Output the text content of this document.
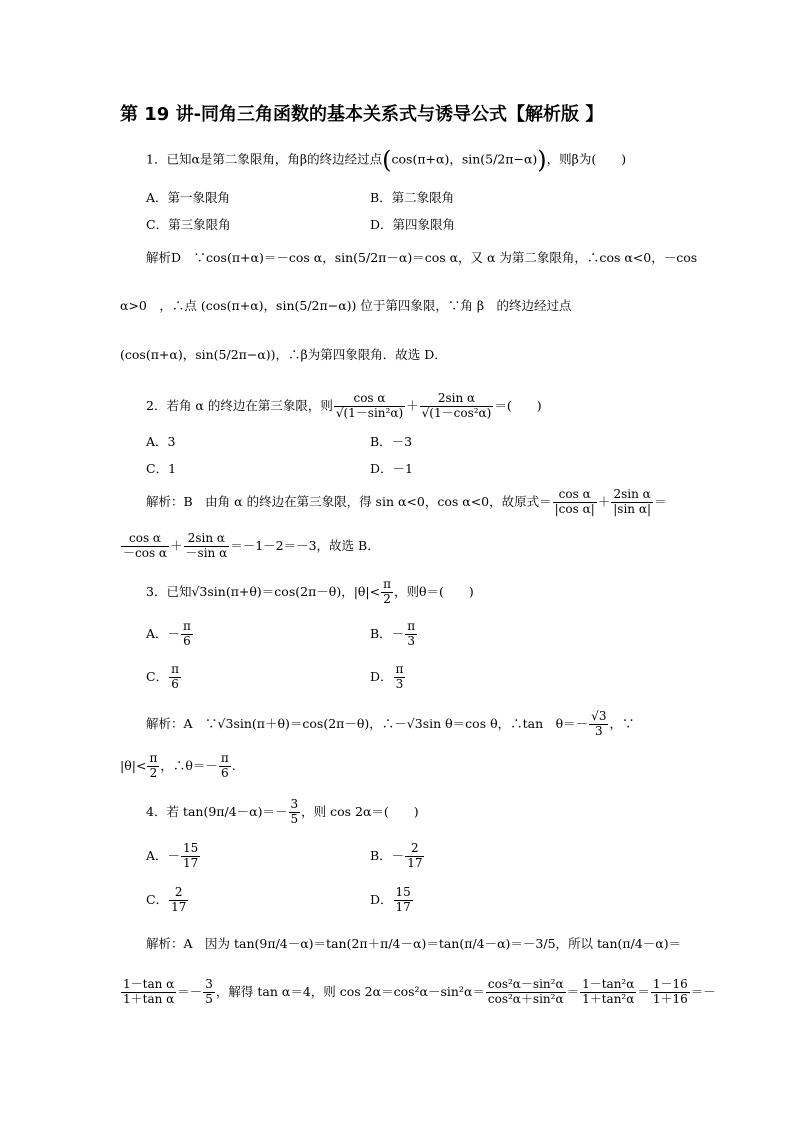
第 19 讲-同角三角函数的基本关系式与诱导公式【解析版 】
1．已知α是第二象限角，角β的终边经过点(cos(π+α)，sin(5/2π−α))，则β为(　　)
A．第一象限角	B．第二象限角
C．第三象限角	D．第四象限角
解析D　∵cos(π+α)＝－cos α，sin(5/2π－α)＝cos α，又 α 为第二象限角，∴cos α<0，－cos
α>0　，∴点 (cos(π+α)，sin(5/2π−α)) 位于第四象限，∵角 β　的终边经过点
(cos(π+α)，sin(5/2π−α))，∴β为第四象限角．故选 D．
2．若角 α 的终边在第三象限，则 $\frac{\text{cos α}}{\text{√(1－sin²α)}} + \frac{\text{2sin α}}{\text{√(1－cos²α)}}$ ＝(　　)
A．3	B．－3
C．1	D．－1
解析：B　由角 α 的终边在第三象限，得 sin α<0，cos α<0，故原式＝ $\frac{\text{cos α}}{\text{|cos α|}} + \frac{\text{2sin α}}{\text{|sin α|}}$ ＝
$\frac{\text{cos α}}{\text{－cos α}} + \frac{\text{2sin α}}{\text{－sin α}} =-1-2=-3$，故选 B．
3．已知√3sin(π+θ)＝cos(2π－θ)，$|\theta|< \frac{\pi}{2}$ ，则θ＝(　　)
A．－ $\frac{\pi}{6}$	B．－ $\frac{\pi}{3}$
C． $\frac{\pi}{6}$	D． $\frac{\pi}{3}$
解析：A　∵√3sin(π＋θ)＝cos(2π－θ)，∴－√3sin θ＝cos θ，∴tan　$\theta=- \frac{√3}{3}$ ，∵
$|\theta|< \frac{\pi}{2}$ ，∴θ＝－ $\frac{\pi}{6}$ .
4．若 $\tan(9\pi/4-\alpha)=- \frac{3}{5}$ ，则 cos 2α＝(　　)
A．－ $\frac{15}{17}$	B．－ $\frac{2}{17}$
C． $\frac{2}{17}$	D． $\frac{15}{17}$
解析：A　因为 tan(9π/4－α)＝tan(2π＋π/4－α)＝tan(π/4－α)＝－3/5，所以 tan(π/4－α)＝
$\frac{\text{1－tan α}}{\text{1＋tan α}} =- \frac{3}{5}$ ，解得 tan α＝4，则 $\cos 2\alpha=\cos^2\alpha-\sin^2\alpha= \frac{\text{cos²α－sin²α}}{\text{cos²α＋sin²α}} = \frac{\text{1－tan²α}}{\text{1＋tan²α}} = \frac{1-16}{1+16}$ ＝－
